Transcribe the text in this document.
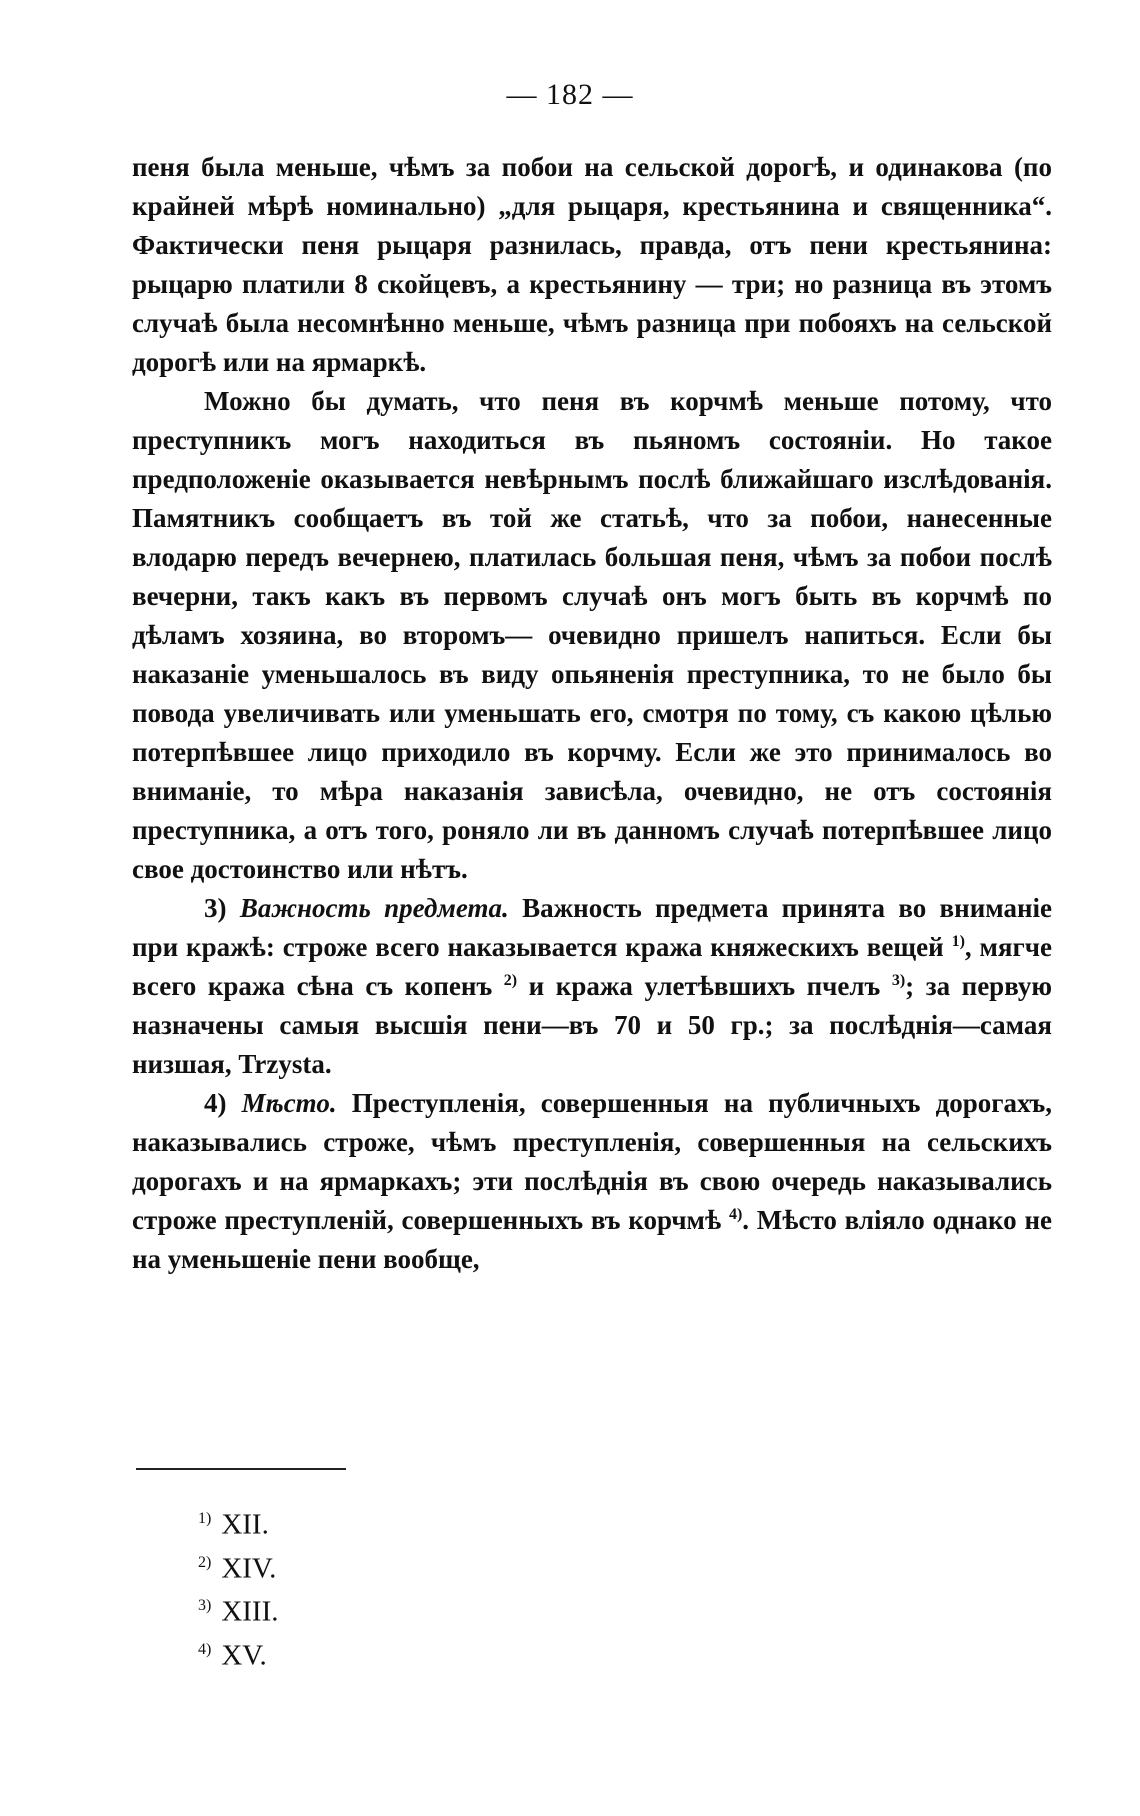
— 182 —

пеня была меньше, чѣмъ за побои на сельской дорогѣ, и одинакова (по крайней мѣрѣ номинально) „для рыцаря, крестьянина и священника“. Фактически пеня рыцаря разнилась, правда, отъ пени крестьянина: рыцарю платили 8 скойцевъ, а крестьянину — три; но разница въ этомъ случаѣ была несомнѣнно меньше, чѣмъ разница при побояхъ на сельской дорогѣ или на ярмаркѣ.

Можно бы думать, что пеня въ корчмѣ меньше потому, что преступникъ могъ находиться въ пьяномъ состояніи. Но такое предположеніе оказывается невѣрнымъ послѣ ближайшаго изслѣдованія. Памятникъ сообщаетъ въ той же статьѣ, что за побои, нанесенные влодарю передъ вечернею, платилась большая пеня, чѣмъ за побои послѣ вечерни, такъ какъ въ первомъ случаѣ онъ могъ быть въ корчмѣ по дѣламъ хозяина, во второмъ— очевидно пришелъ напиться. Если бы наказаніе уменьшалось въ виду опьяненія преступника, то не было бы повода увеличивать или уменьшать его, смотря по тому, съ какою цѣлью потерпѣвшее лицо приходило въ корчму. Если же это принималось во вниманіе, то мѣра наказанія зависѣла, очевидно, не отъ состоянія преступника, а отъ того, роняло ли въ данномъ случаѣ потерпѣвшее лицо свое достоинство или нѣтъ.

3) Важность предмета. Важность предмета принята во вниманіе при кражѣ: строже всего наказывается кража княжескихъ вещей $^{1)}$, мягче всего кража сѣна съ копенъ $^{2)}$ и кража улетѣвшихъ пчелъ $^{3)}$; за первую назначены самыя высшія пени—въ 70 и 50 гр.; за послѣднія—самая низшая, Trzysta.

4) Мѣсто. Преступленія, совершенныя на публичныхъ дорогахъ, наказывались строже, чѣмъ преступленія, совершенныя на сельскихъ дорогахъ и на ярмаркахъ; эти послѣднія въ свою очередь наказывались строже преступленій, совершенныхъ въ корчмѣ $^{4)}$. Мѣсто вліяло однако не на уменьшеніе пени вообще,

$^{1)}$ XII.
$^{2)}$ XIV.
$^{3)}$ XIII.
$^{4)}$ XV.
